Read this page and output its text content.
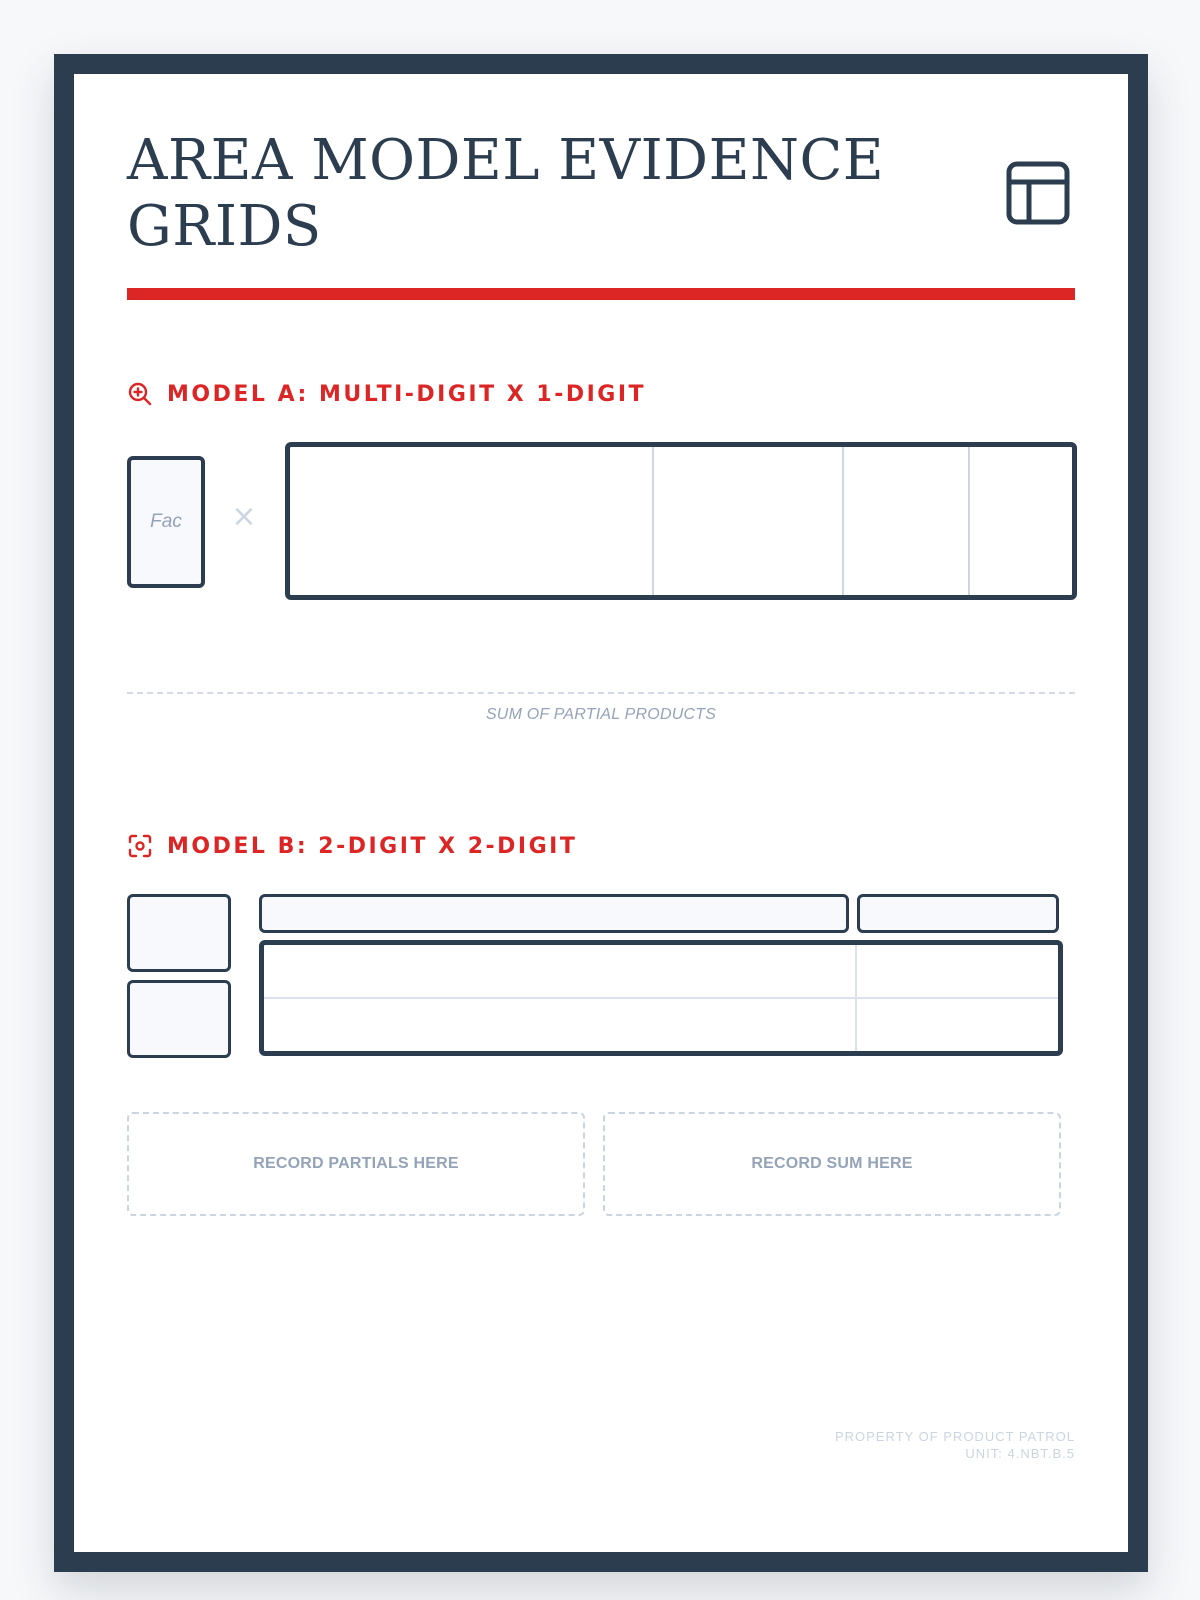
AREA MODEL EVIDENCE GRIDS
MODEL A: MULTI-DIGIT X 1-DIGIT
Fac ×
SUM OF PARTIAL PRODUCTS
MODEL B: 2-DIGIT X 2-DIGIT
RECORD PARTIALS HERE	RECORD SUM HERE
PROPERTY OF PRODUCT PATROL
UNIT: 4.NBT.B.5
